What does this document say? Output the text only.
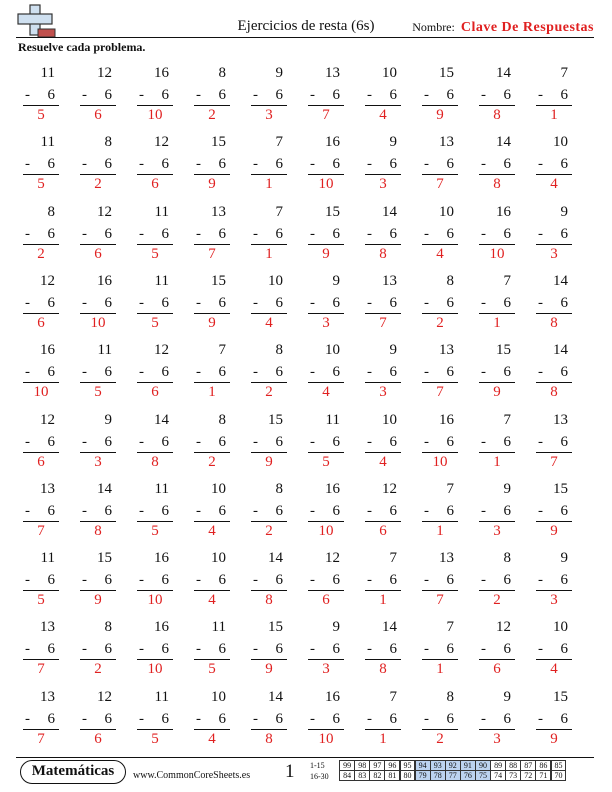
Ejercicios de resta (6s)	Nombre: Clave De Respuestas
Resuelve cada problema.
11
- 6
5
12
- 6
6
16
- 6
10
8
- 6
2
9
- 6
3
13
- 6
7
10
- 6
4
15
- 6
9
14
- 6
8
7
- 6
1
11
- 6
5
8
- 6
2
12
- 6
6
15
- 6
9
7
- 6
1
16
- 6
10
9
- 6
3
13
- 6
7
14
- 6
8
10
- 6
4
8
- 6
2
12
- 6
6
11
- 6
5
13
- 6
7
7
- 6
1
15
- 6
9
14
- 6
8
10
- 6
4
16
- 6
10
9
- 6
3
12
- 6
6
16
- 6
10
11
- 6
5
15
- 6
9
10
- 6
4
9
- 6
3
13
- 6
7
8
- 6
2
7
- 6
1
14
- 6
8
16
- 6
10
11
- 6
5
12
- 6
6
7
- 6
1
8
- 6
2
10
- 6
4
9
- 6
3
13
- 6
7
15
- 6
9
14
- 6
8
12
- 6
6
9
- 6
3
14
- 6
8
8
- 6
2
15
- 6
9
11
- 6
5
10
- 6
4
16
- 6
10
7
- 6
1
13
- 6
7
13
- 6
7
14
- 6
8
11
- 6
5
10
- 6
4
8
- 6
2
16
- 6
10
12
- 6
6
7
- 6
1
9
- 6
3
15
- 6
9
11
- 6
5
15
- 6
9
16
- 6
10
10
- 6
4
14
- 6
8
12
- 6
6
7
- 6
1
13
- 6
7
8
- 6
2
9
- 6
3
13
- 6
7
8
- 6
2
16
- 6
10
11
- 6
5
15
- 6
9
9
- 6
3
14
- 6
8
7
- 6
1
12
- 6
6
10
- 6
4
13
- 6
7
12
- 6
6
11
- 6
5
10
- 6
4
14
- 6
8
16
- 6
10
7
- 6
1
8
- 6
2
9
- 6
3
15
- 6
9
Matemáticas	www.CommonCoreSheets.es 1 1-15	99 98 97 96 95 94 93 92 91 90 89 88 87 86 85
16-30	84 83 82 81 80 79 78 77 76 75 74 73 72 71 70
